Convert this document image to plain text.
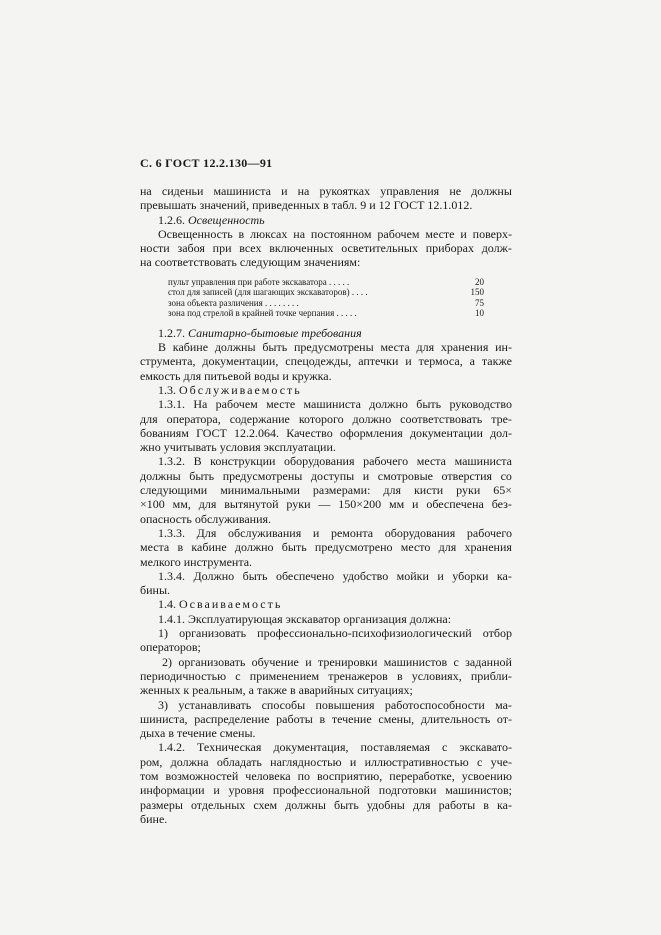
С. 6 ГОСТ 12.2.130—91
на сиденьи машиниста и на рукоятках управления не должны
превышать значений, приведенных в табл. 9 и 12 ГОСТ 12.1.012.
1.2.6.
Освещенность
Освещенность в люксах на постоянном рабочем месте и поверх-
ности забоя при всех включенных осветительных приборах долж-
на соответствовать следующим значениям:
пульт управления при работе экскаватора . . . . .	20
стол для записей (для шагающих экскаваторов) . . . .	150
зона объекта различения . . . . . . . .	75
зона под стрелой в крайней точке черпания . . . . .	10
1.2.7.
Санитарно-бытовые требования
В кабине должны быть предусмотрены места для хранения ин-
струмента, документации, спецодежды, аптечки и термоса, а также
емкость для питьевой воды и кружка.
1.3.
Обслуживаемость
1.3.1. На рабочем месте машиниста должно быть руководство
для оператора, содержание которого должно соответствовать тре-
бованиям ГОСТ 12.2.064. Качество оформления документации дол-
жно учитывать условия эксплуатации.
1.3.2. В конструкции оборудования рабочего места машиниста
должны быть предусмотрены доступы и смотровые отверстия со
следующими минимальными размерами: для кисти руки 65×
×100 мм, для вытянутой руки — 150×200 мм и обеспечена без-
опасность обслуживания.
1.3.3. Для обслуживания и ремонта оборудования рабочего
места в кабине должно быть предусмотрено место для хранения
мелкого инструмента.
1.3.4. Должно быть обеспечено удобство мойки и уборки ка-
бины.
1.4.
Осваиваемость
1.4.1. Эксплуатирующая экскаватор организация должна:
1) организовать профессионально-психофизиологический отбор
операторов;
2) организовать обучение и тренировки машинистов с заданной
периодичностью с применением тренажеров в условиях, прибли-
женных к реальным, а также в аварийных ситуациях;
3) устанавливать способы повышения работоспособности ма-
шиниста, распределение работы в течение смены, длительность от-
дыха в течение смены.
1.4.2. Техническая документация, поставляемая с экскавато-
ром, должна обладать наглядностью и иллюстративностью с уче-
том возможностей человека по восприятию, переработке, усвоению
информации и уровня профессиональной подготовки машинистов;
размеры отдельных схем должны быть удобны для работы в ка-
бине.
